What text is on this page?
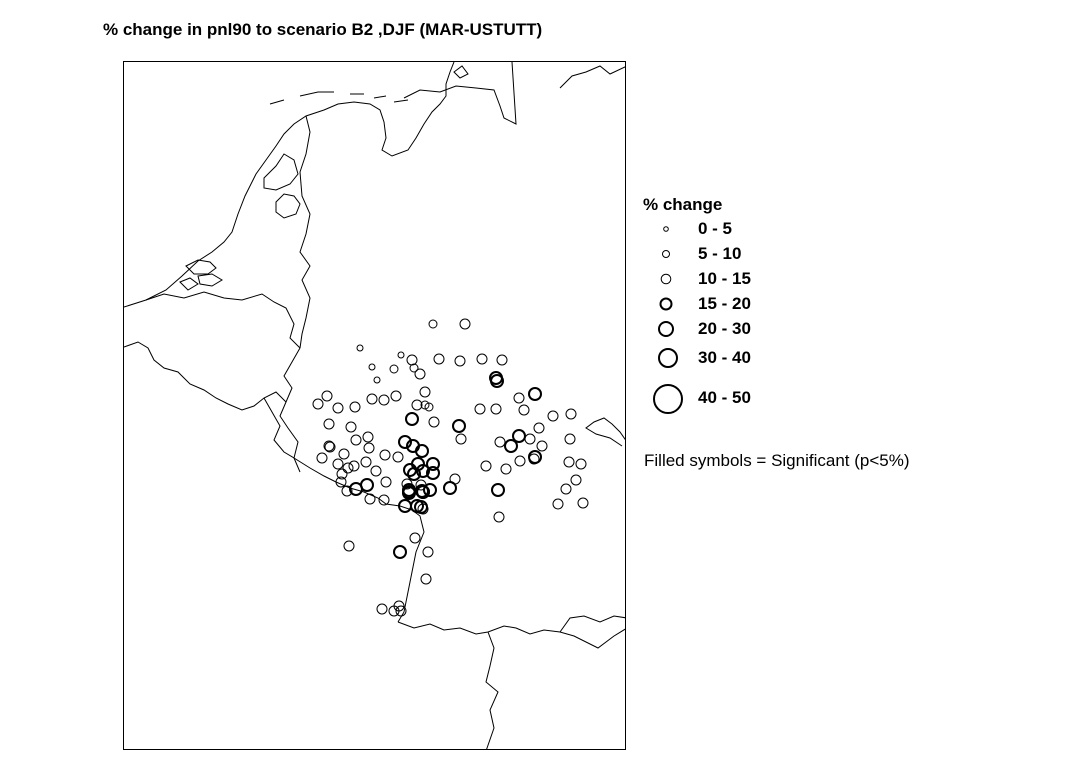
% change in pnl90 to scenario B2 ,DJF (MAR-USTUTT)
% change
0 - 5
5 - 10
10 - 15
15 - 20
20 - 30
30 - 40
40 - 50
Filled symbols = Significant (p<5%)
